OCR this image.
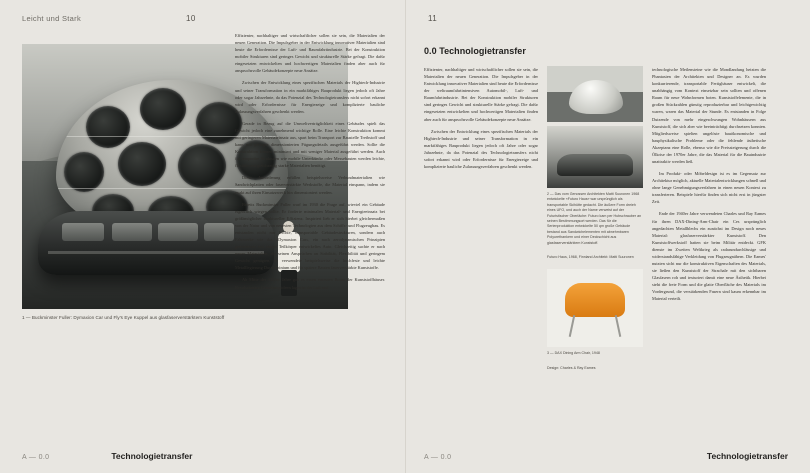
Leicht und Stark	10
1 — Buckminster Fuller: Dymaxion Car und Fly's Eye Kuppel aus glasfaserverstärktem Kunststoff

Effizienter, nachhaltiger und wirtschaftlicher sollen sie sein, die Materialien der neuen Generation. Die Impulsgeber in der Entwicklung innovativer Materialien sind heute die Erfordernisse der Luft- und Raumfahrtindustrie. Bei der Konstruktion mobiler Strukturen sind geringes Gewicht und strukturelle Stärke gefragt. Die dafür eingesetzten entwickelten und hochwertigen Materialien finden aber auch für anspruchsvolle Gebäudekonzepte neue Ansätze.

Zwischen der Entwicklung eines spezifischen Materials der Hightech-Industrie und seiner Transformation in ein marktfähiges Bauprodukt liegen jedoch oft Jahre oder sogar Jahrzehnte, da das Potenzial des Technologietransfers nicht sofort erkannt wird oder Erfordernisse für Energiezeige und komplizierte bauliche Zulassungsverfahren geschenkt werden.

Gerade in Bezug auf die Umweltverträglichkeit eines Gebäudes spielt das Gewicht jedoch eine zunehmend wichtige Rolle. Eine leichte Konstruktion kommt mit geringeren Materialeinsatz aus, spart beim Transport zur Baustelle Treibstoff und kann mit geringer dimensionierten Fügungsdetails ausgeführt werden. Sollte die Konstruktion können minimiert und mit weniger Material ausgeführt werden. Auch für temporäre Strukturen wie mobile Unterkünfte oder Messebauten werden leichte, flexible und gleichzeitig starke Materialien benötigt.

Diese Anforderung erfüllen beispielsweise Verbundmaterialien wie Sandwichplatten oder faserverstärkte Werkstoffe, die Material einspann, indem sie exakt auf ihren Einsatzzweck hin dimensioniert werden.

Bereits Buckminster Fuller warf im 1930 die Frage auf, wieviel ein Gebäude eigentlich wiegen sollte. Er forderte minimalen Material- und Energieeinsatz bei größtmöglicher struktureller Effizienz. Inspiriert lieb er sich hierbei gleichermaßen von der Natur und von neuesten Technologien aus dem Schiffs- und Flugzeugbau. Es entstanden nicht nur leichte, transportable Gebäudestrukturen, sondern auch Fahrwerke wie das «Dymaxion Car», ein nach aerodynamischen Prinzipien geminimum mit einem Teilkörper entwickeltes Auto. Gleichzeitig suchte er nach neuen Materialien, die seinen Ansprüchen an Stabilität, Flexibilität und geringem Gewicht genügten. Er verwendete beispielsweise die hochfeste und leichte Metalllegierung Duraluminium und für spätere Bauten faserverstärkte Kunststoffe.

Ab Mitte der 1960er Jahre gab es einen erneuten Boom der Kunststoffhäuser. Revolutionäre Gestaltungsideen lagen in der Luft und

A — 0.0	Technologietransfer
11
0.0 Technologietransfer

Effizienter, nachhaltiger und wirtschaftlicher sollen sie sein, die Materialien der neuen Generation. Die Impulsgeber in der Entwicklung innovativer Materialien sind heute die Erfordernisse der weltraumfahrtintensiven Automobil-, Luft- und Raumfahrtindustrie. Bei der Konstruktion mobiler Strukturen sind geringes Gewicht und strukturelle Stärke gefragt. Die dafür eingesetzten entwickelten und hochwertigen Materialien finden aber auch für anspruchsvolle Gebäudekonzepte neue Ansätze.

Zwischen der Entwicklung eines spezifischen Materials der Hightech-Industrie und seiner Transformation in ein marktfähiges Bauprodukt liegen jedoch oft Jahre oder sogar Jahrzehnte, da das Potenzial des Technologietransfers nicht sofort erkannt wird oder Erfordernisse für Energiezeige und komplizierte bauliche Zulassungsverfahren geschenkt werden.

2 — Das vom Genossen Architekten Matti Suuronen 1968 entwickelte «Futuro Haus» war ursprünglich als transportable Skihütte gedacht. Die äußere Form dreieh eines UFO, und auch der Name verweist auf der Futuristischer Oberläche: Futuro kam per Hubschrauber an seinen Bestimmungsort werden. Das für die Serienproduktion entwickelte 50 qm große Gebäude bestand aus Sandwichelementen mit abnehmbaren Polyurethankern und einer Deckschicht aus glasfaserverstärktem Kunststoff.
Futuro Haus, 1968, Finnland Architekt: Matti Suuronen
3 — DAX Dining Arm Chair, 1948
Design: Charles & Ray Eames

technologische Meilensteine wie die Mondlandung heizten die Phantasien der Architekten und Designer an. Es wurden konkurrierende, transportable Fertighäuser entwickelt, die unabhängig vom Kontext einsetzbar sein sollten und offenen Raum für neue Wohnformen boten. Kunststoffelemente, die in großen Stückzahlen günstig reproduzierbar und leichtgewichtig waren, waren das Material der Stunde. Es entstanden in Folge Dutzende von mehr eingeschwungen Wohnhäusern aus Kunststoff, die sich aber wie beeinträchtigt durchsetzen konnten. Mitgliedsweise spielten ungelöste bauökonomische und bauphysikalische Probleme oder die fehlende ästhetische Akzeptanz eine Rolle, ebenso wie die Preissteigerung durch die Ölkrise der 1970er Jahre, die das Material für die Bauindustrie unattraktiv werden ließ.

Im Produkt- oder Möbeldesign ist es im Gegensatz zur Architektur möglich, aktuelle Materialentwicklungen schnell und ohne lange Genehmigungsverfahren in einen neuen Kontext zu transferieren. Beispiele hierfür finden sich nicht erst in jüngster Zeit.

Ende der 1940er Jahre verwendeten Charles und Ray Eames für ihren DAX-Dining-Arm-Chair ein Ces ursprünglich angedachten Metallblechs ein zunächst im Design noch neues Material: glasfaserverstärkter Kunststoff. Den Kunststoffwerkstoff hatten sie beim Militär entdeckt. GFK dienste im Zweiten Weltkrieg als radarundurchlässige und widerstandsfähige Verkleidung von Flugzeugnähern. Die Eames' nutzten sicht nur die konstruktiven Eigenschaften des Materials, sie ließen den Kunststoff der Strachale mit den sichtbaren Glasfasern roh und texturiert damit eine neue Ästhetik. Hierbei steht die freie Form und die glatte Oberfläche des Materials im Vordergrund, die verstärkenden Fasern sind kaum erkennbar im Material verteilt.

A — 0.0	Technologietransfer
